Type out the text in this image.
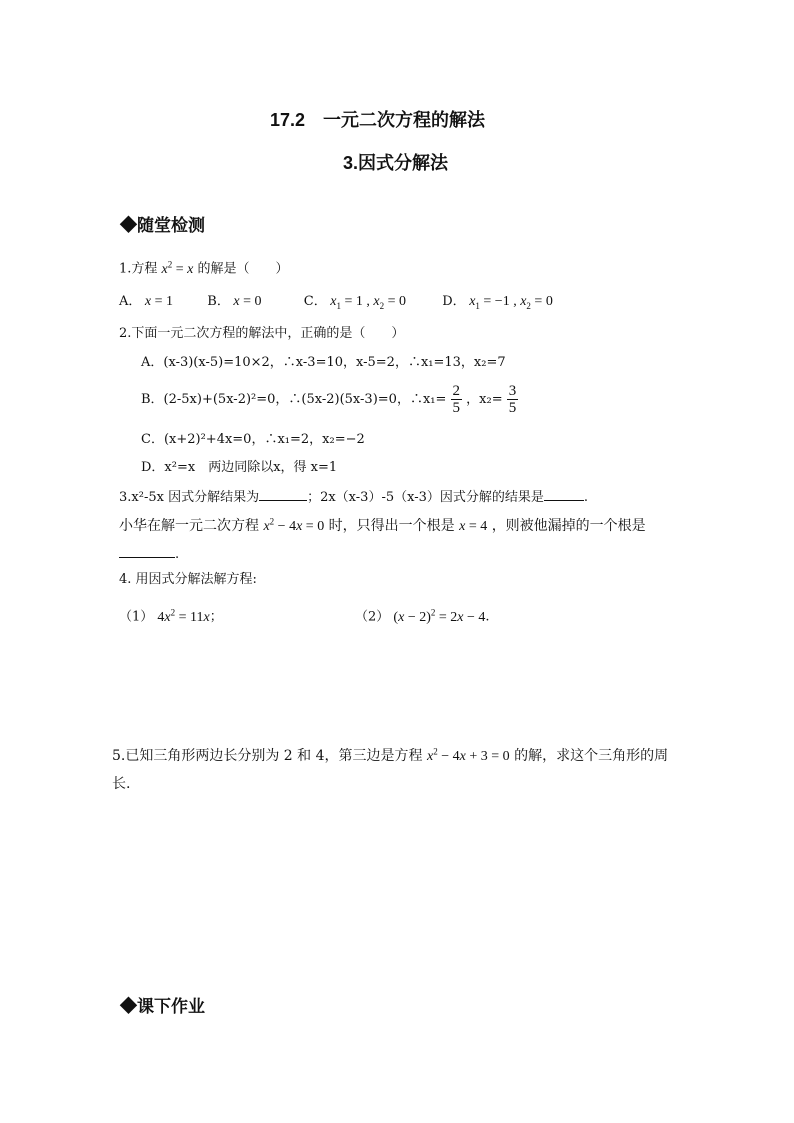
17.2　一元二次方程的解法
3.因式分解法
◆随堂检测
1.方程 $x^2 = x$ 的解是（　　）
A． x = 1	B． x = 0	C． $x_1 = 1$ , $x_2 = 0$	D． $x_1 = -1$ , $x_2 = 0$
2.下面一元二次方程的解法中，正确的是（　　）
A．(x-3)(x-5)=10×2，∴x-3=10，x-5=2，∴x₁=13，x₂=7
B．(2-5x)+(5x-2)²=0，∴(5x-2)(5x-3)=0，∴x₁= $\frac{2}{5}$ ，$x_2= \frac{3}{5}$
C．(x+2)²+4x=0，∴x₁=2，x₂=−2
D．x²=x　两边同除以x，得 x=1
3.x²-5x 因式分解结果为	；2x（x-3）-5（x-3）因式分解的结果是	.
小华在解一元二次方程 $x^2 - 4x = 0$ 时，只得出一个根是 x = 4 ，则被他漏掉的一个根是
.
4. 用因式分解法解方程:
（1） $4x^2 = 11x$；	（2） $(x - 2)^2 = 2x - 4$.
5.已知三角形两边长分别为 2 和 4，第三边是方程 $x^2 - 4x + 3 = 0$ 的解，求这个三角形的周
长.
◆课下作业
